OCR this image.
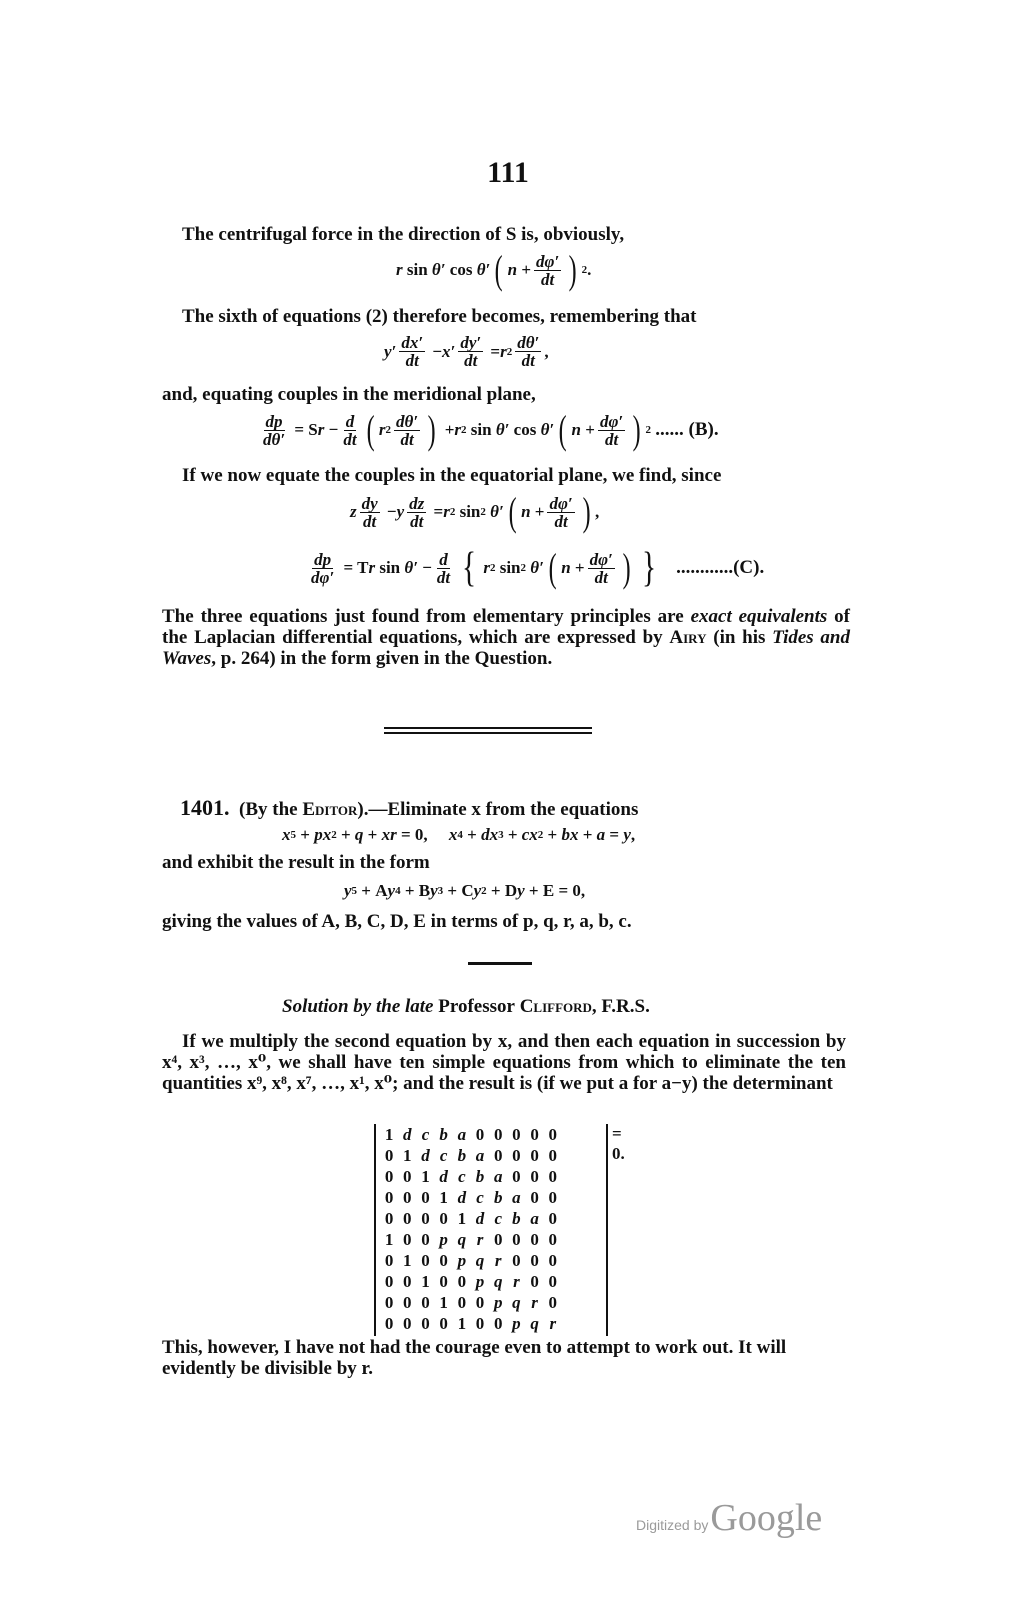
111
The centrifugal force in the direction of S is, obviously,
r sin θ′ cos θ′ ( $n + \frac{d\varphi'}{dt}$ ) 2 .
The sixth of equations (2) therefore becomes, remembering that
$y' \frac{dx'}{dt} - x' \frac{dy'}{dt} = r$ $2 \frac{d\theta'}{dt}$ ,
and, equating couples in the meridional plane,
$\frac{dp}{d\theta'} = S$ $r - \frac{d}{dt}$ ( r $2 \frac{d\theta'}{dt}$ ) + r 2 sin θ′ cos θ′ ( $n + \frac{d\varphi'}{dt}$ ) 2
...... (B).
If we now equate the couples in the equatorial plane, we find, since
z $\frac{dy}{dt} - y \frac{dz}{dt} = r$ 2 sin 2
θ′ ( $n + \frac{d\varphi'}{dt}$ ) ,
$\frac{dp}{d\varphi'} = T$ r $\sin \theta' - \frac{d}{dt}$ { r 2 sin 2
θ′ ( $n + \frac{d\varphi'}{dt}$ ) }
............(C).
The three equations just found from elementary principles are exact equivalents of the Laplacian differential equations, which are expressed by Airy (in his Tides and Waves, p. 264) in the form given in the Question.
1401. (By the Editor).—Eliminate x from the equations
x 5 + px 2 + q + xr = 0, x 4 + dx 3 + cx 2 + bx + a = y ,
and exhibit the result in the form
y 5 + A y 4 + B y 3 + C y 2 + D y + E = 0,
giving the values of A, B, C, D, E in terms of p, q, r, a, b, c.
Solution by the late Professor Clifford, F.R.S.
If we multiply the second equation by x, and then each equation in succession by x⁴, x³, …, x⁰, we shall have ten simple equations from which to eliminate the ten quantities x⁹, x⁸, x⁷, …, x¹, x⁰; and the result is (if we put a for a−y) the determinant
1 d c b a 0 0 0 0 0
0 1 d c b a 0 0 0 0
0 0 1 d c b a 0 0 0
0 0 0 1 d c b a 0 0
0 0 0 0 1 d c b a 0
1 0 0 p q r 0 0 0 0
0 1 0 0 p q r 0 0 0
0 0 1 0 0 p q r 0 0
0 0 0 1 0 0 p q r 0
0 0 0 0 1 0 0 p q r
= 0.
This, however, I have not had the courage even to attempt to work out. It will evidently be divisible by r.
Digitized by Google
